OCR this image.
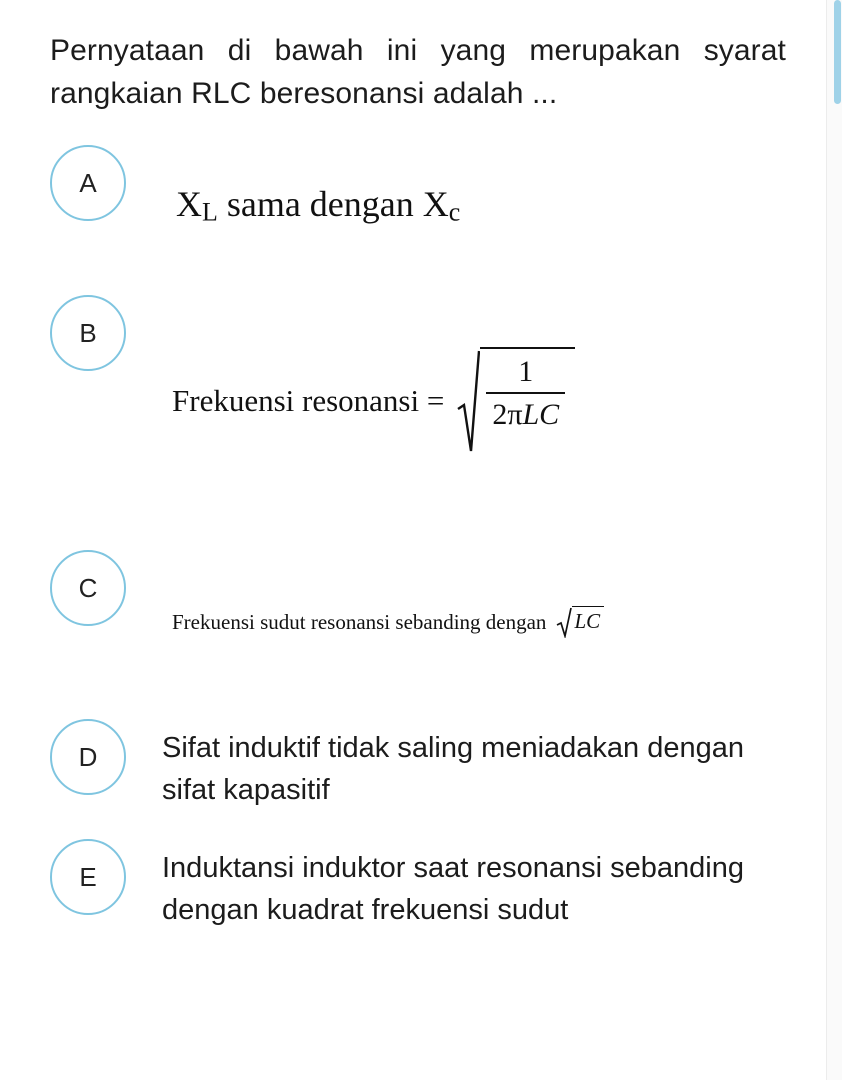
Pernyataan di bawah ini yang merupakan syarat rangkaian RLC beresonansi adalah ...
A
XL sama dengan Xc
B
Frekuensi resonansi = $\frac{1}{\text{2πLC}}$
C
Frekuensi sudut resonansi sebanding dengan LC
D	Sifat induktif tidak saling meniadakan dengan sifat kapasitif
E	Induktansi induktor saat resonansi sebanding dengan kuadrat frekuensi sudut
